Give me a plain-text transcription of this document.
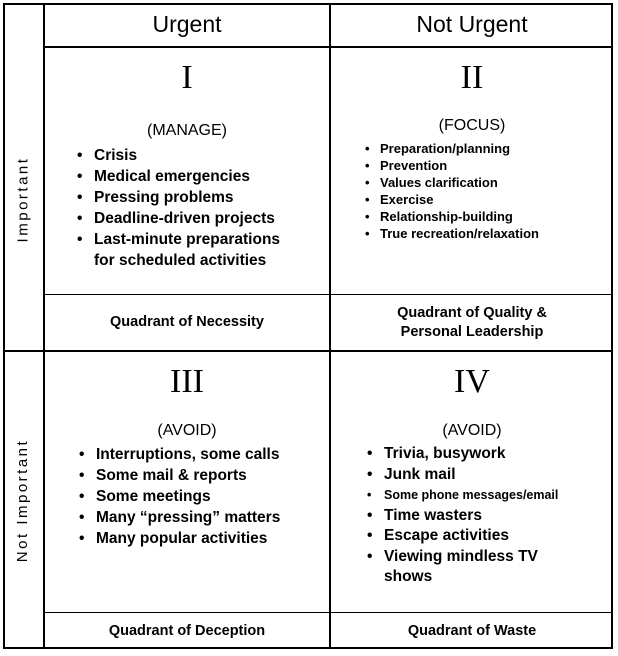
Urgent	Not Urgent
Important
Not Important
I
(MANAGE)
• Crisis
• Medical emergencies
• Pressing problems
• Deadline-driven projects
• Last-minute preparations for scheduled activities
II
(FOCUS)
• Preparation/planning
• Prevention
• Values clarification
• Exercise
• Relationship-building
• True recreation/relaxation
Quadrant of Necessity
Quadrant of Quality & Personal Leadership
III
(AVOID)
• Interruptions, some calls
• Some mail & reports
• Some meetings
• Many “pressing” matters
• Many popular activities
IV
(AVOID)
• Trivia, busywork
• Junk mail
• Some phone messages/email
• Time wasters
• Escape activities
• Viewing mindless TV shows
Quadrant of Deception	Quadrant of Waste
